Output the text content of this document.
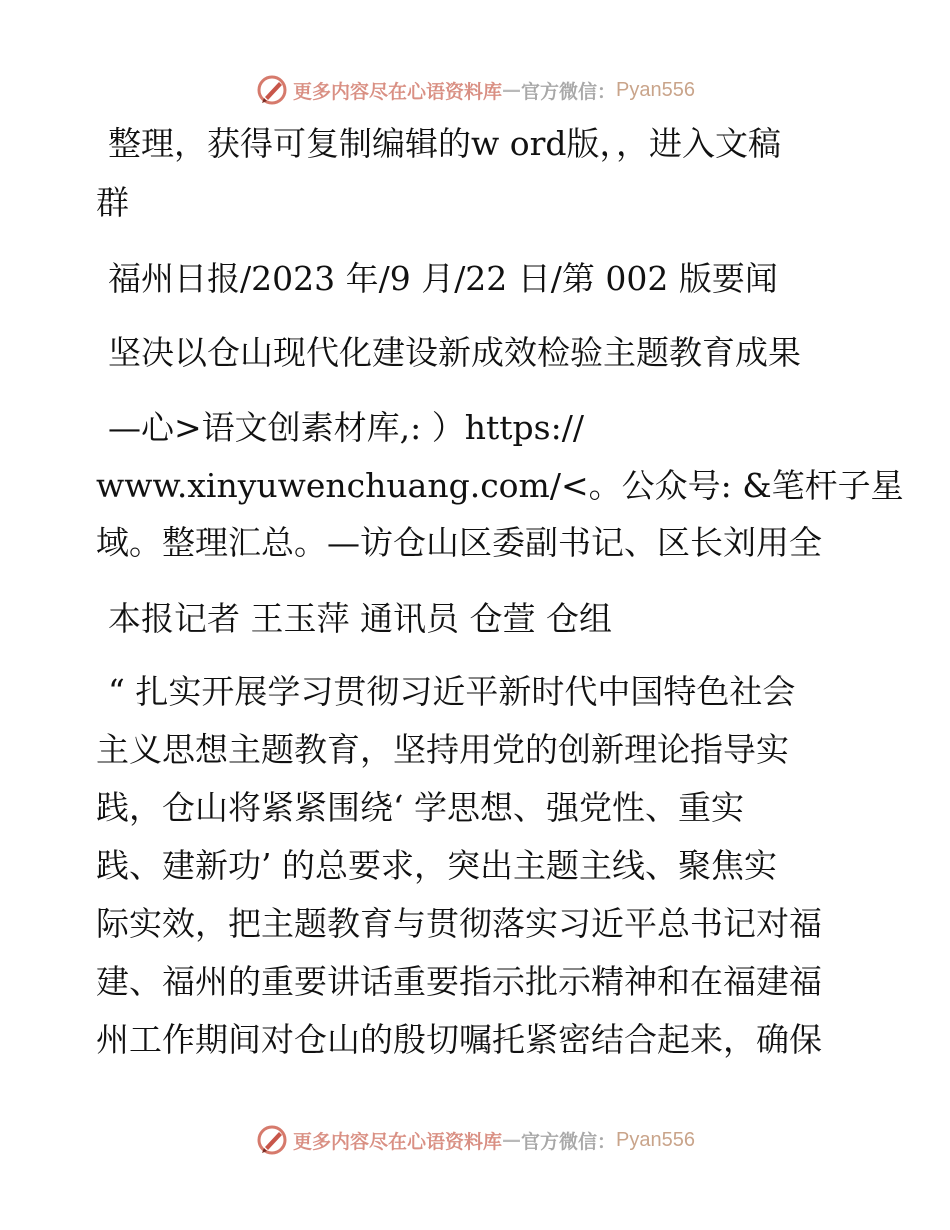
更多内容尽在心语资料库 — 官方微信： Pyan556
整理，获得可复制编辑的w ord版，，进入文稿
群
福州日报/2023 年/9 月/22 日/第 002 版要闻
坚决以仓山现代化建设新成效检验主题教育成果
—心>语文创素材库,: ）https://
www.xinyuwenchuang.com/<。公众号: &笔杆子星
域。整理汇总。—访仓山区委副书记、区长刘用全
本报记者 王玉萍 通讯员 仓萱 仓组
“ 扎实开展学习贯彻习近平新时代中国特色社会
主义思想主题教育，坚持用党的创新理论指导实
践，仓山将紧紧围绕‘ 学思想、强党性、重实
践、建新功’ 的总要求，突出主题主线、聚焦实
际实效，把主题教育与贯彻落实习近平总书记对福
建、福州的重要讲话重要指示批示精神和在福建福
州工作期间对仓山的殷切嘱托紧密结合起来，确保
更多内容尽在心语资料库 — 官方微信： Pyan556
